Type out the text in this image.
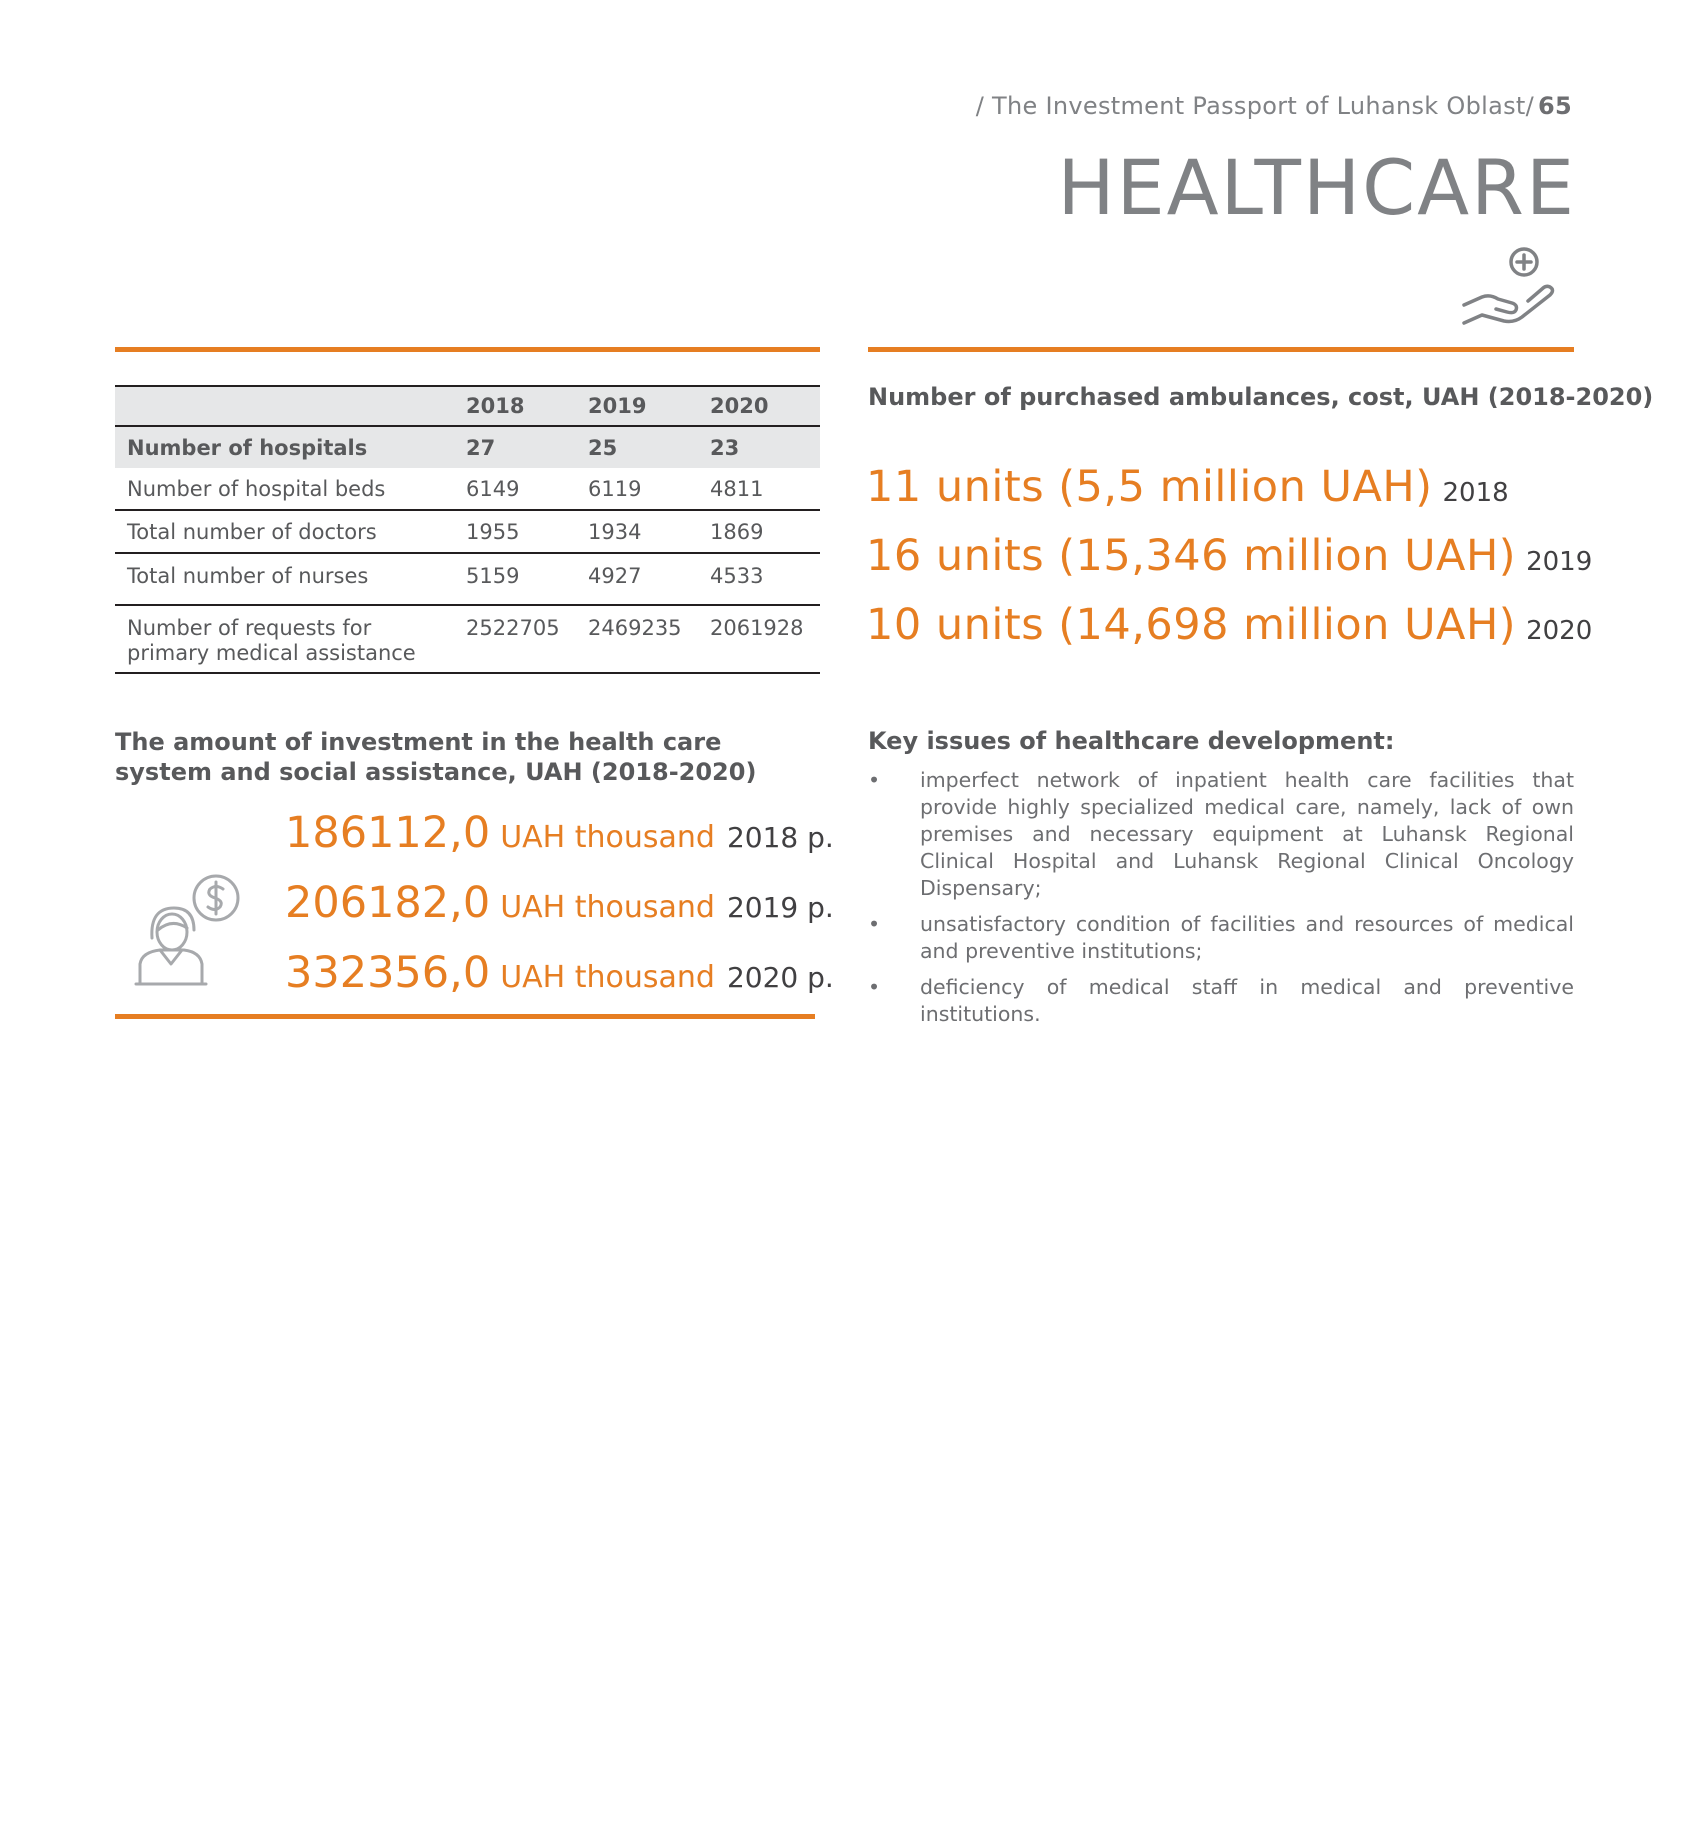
/ The Investment Passport of Luhansk Oblast/ 65
HEALTHCARE
	2018	2019	2020
Number of hospitals	27	25	23
Number of hospital beds	6149	6119	4811
Total number of doctors	1955	1934	1869
Total number of nurses	5159	4927	4533
Number of requests for primary medical assistance	2522705	2469235	2061928
Number of purchased ambulances, cost, UAH (2018-2020)
11 units (5,5 million UAH) 2018
16 units (15,346 million UAH) 2019
10 units (14,698 million UAH) 2020
The amount of investment in the health care system and social assistance, UAH (2018-2020)
186112,0 UAH thousand 2018 p.
206182,0 UAH thousand 2019 p.
332356,0 UAH thousand 2020 p.
Key issues of healthcare development:
• imperfect network of inpatient health care facilities that provide highly specialized medical care, namely, lack of own premises and necessary equipment at Luhansk Regional Clinical Hospital and Luhansk Regional Clinical Oncology Dispensary;
• unsatisfactory condition of facilities and resources of medical and preventive institutions;
• deficiency of medical staff in medical and preventive institutions.
